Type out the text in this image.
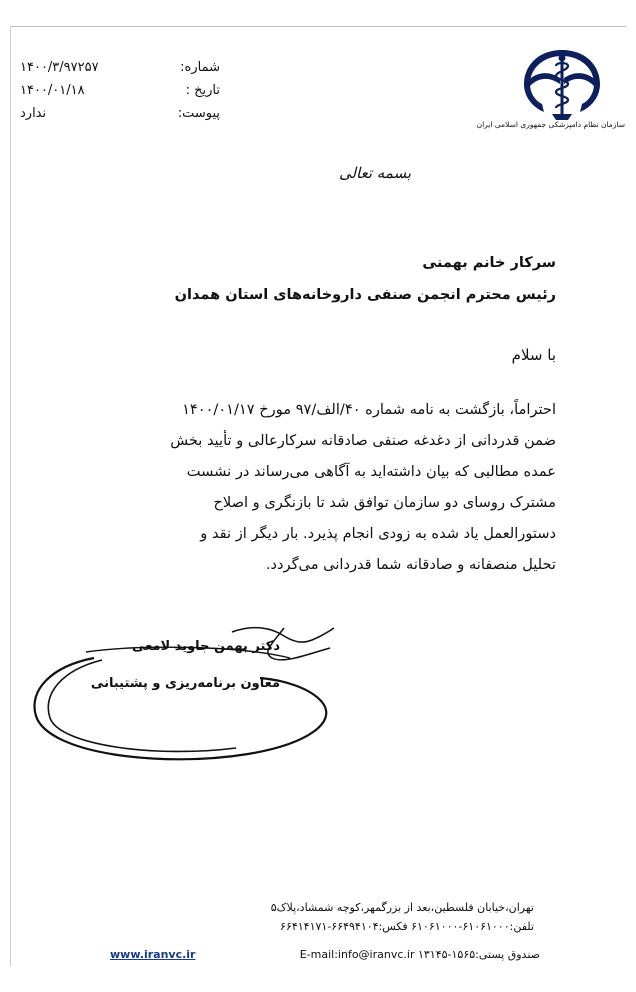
شماره:
۱۴۰۰/۳/۹۷۲۵۷
تاریخ :
۱۴۰۰/۰۱/۱۸
پیوست:
ندارد
سازمان نظام دامپزشکی جمهوری اسلامی ایران
بسمه تعالی
سرکار خانم بهمنی
رئیس محترم انجمن صنفی داروخانه‌های استان همدان
با سلام
احتراماً، بازگشت به نامه شماره ۴۰/الف/۹۷ مورخ ۱۴۰۰/۰۱/۱۷
ضمن قدردانی از دغدغه صنفی صادقانه سرکارعالی و تأیید بخش
عمده مطالبی که بیان داشته‌اید به آگاهی می‌رساند در نشست
مشترک روسای دو سازمان توافق شد تا بازنگری و اصلاح
دستورالعمل یاد شده به زودی انجام پذیرد. بار دیگر از نقد و
تحلیل منصفانه و صادقانه شما قدردانی می‌گردد.
دکتر بهمن جاوید لامعی
معاون برنامه‌ریزی و پشتیبانی
تهران،خیابان فلسطین،بعد از بزرگمهر،کوچه شمشاد،پلاک۵
تلفن:۶۱۰۶۱۰۰۰-۶۱۰۶۱۰۰۰ فکس:۶۶۴۹۴۱۰۴-۶۶۴۱۴۱۷۱
www.iranvc.ir	صندوق پستی:۱۵۶۵-۱۳۱۴۵ E-mail:info@iranvc.ir
